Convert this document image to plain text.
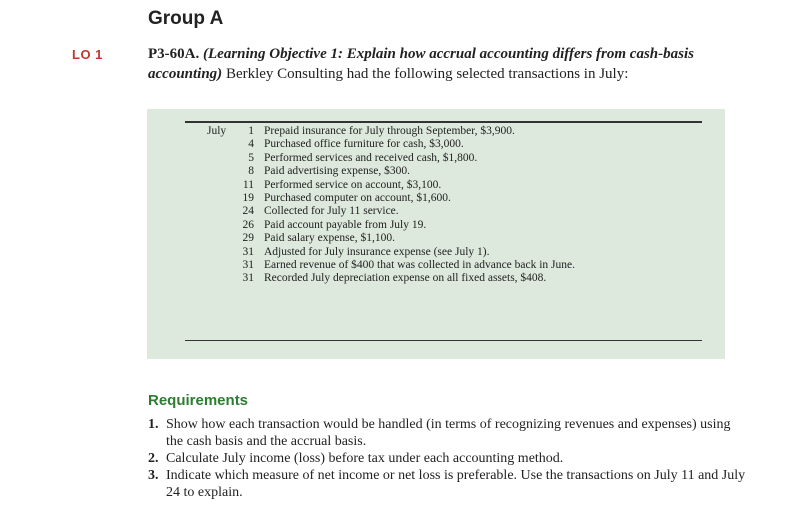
Group A
LO 1	P3-60A. (Learning Objective 1: Explain how accrual accounting differs from cash-basis accounting) Berkley Consulting had the following selected transactions in July:
July	1	Prepaid insurance for July through September, $3,900.
	4	Purchased office furniture for cash, $3,000.
	5	Performed services and received cash, $1,800.
	8	Paid advertising expense, $300.
	11	Performed service on account, $3,100.
	19	Purchased computer on account, $1,600.
	24	Collected for July 11 service.
	26	Paid account payable from July 19.
	29	Paid salary expense, $1,100.
	31	Adjusted for July insurance expense (see July 1).
	31	Earned revenue of $400 that was collected in advance back in June.
	31	Recorded July depreciation expense on all fixed assets, $408.
Requirements
1. Show how each transaction would be handled (in terms of recognizing revenues and expenses) using the cash basis and the accrual basis.
2. Calculate July income (loss) before tax under each accounting method.
3. Indicate which measure of net income or net loss is preferable. Use the transactions on July 11 and July 24 to explain.
